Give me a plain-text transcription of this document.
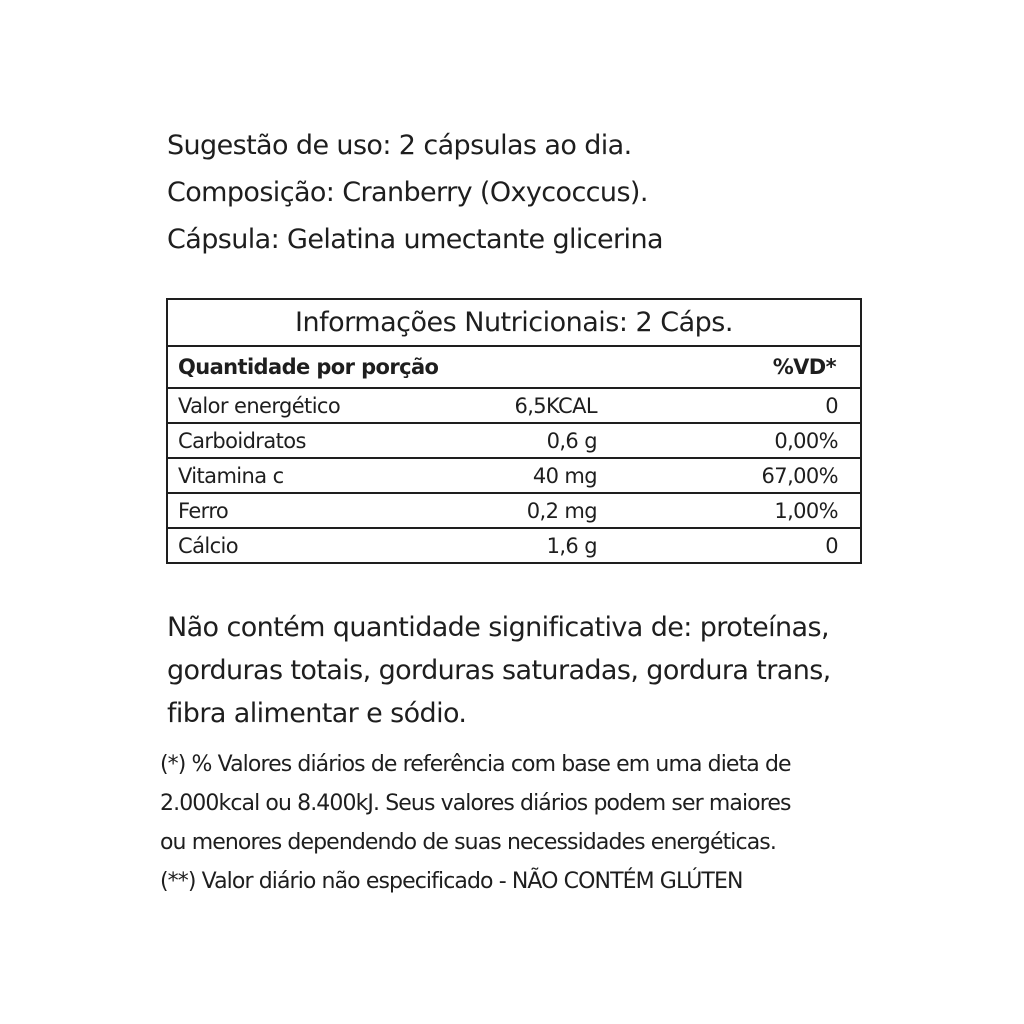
Sugestão de uso: 2 cápsulas ao dia.
Composição: Cranberry (Oxycoccus).
Cápsula: Gelatina umectante glicerina
Informações Nutricionais: 2 Cáps.		
Quantidade por porção		%VD*
Valor energético	6,5KCAL	0
Carboidratos	0,6 g	0,00%
Vitamina c	40 mg	67,00%
Ferro	0,2 mg	1,00%
Cálcio	1,6 g	0
Não contém quantidade significativa de: proteínas,
gorduras totais, gorduras saturadas, gordura trans,
fibra alimentar e sódio.
(*) % Valores diários de referência com base em uma dieta de
2.000kcal ou 8.400kJ. Seus valores diários podem ser maiores
ou menores dependendo de suas necessidades energéticas.
(**) Valor diário não especificado - NÃO CONTÉM GLÚTEN
